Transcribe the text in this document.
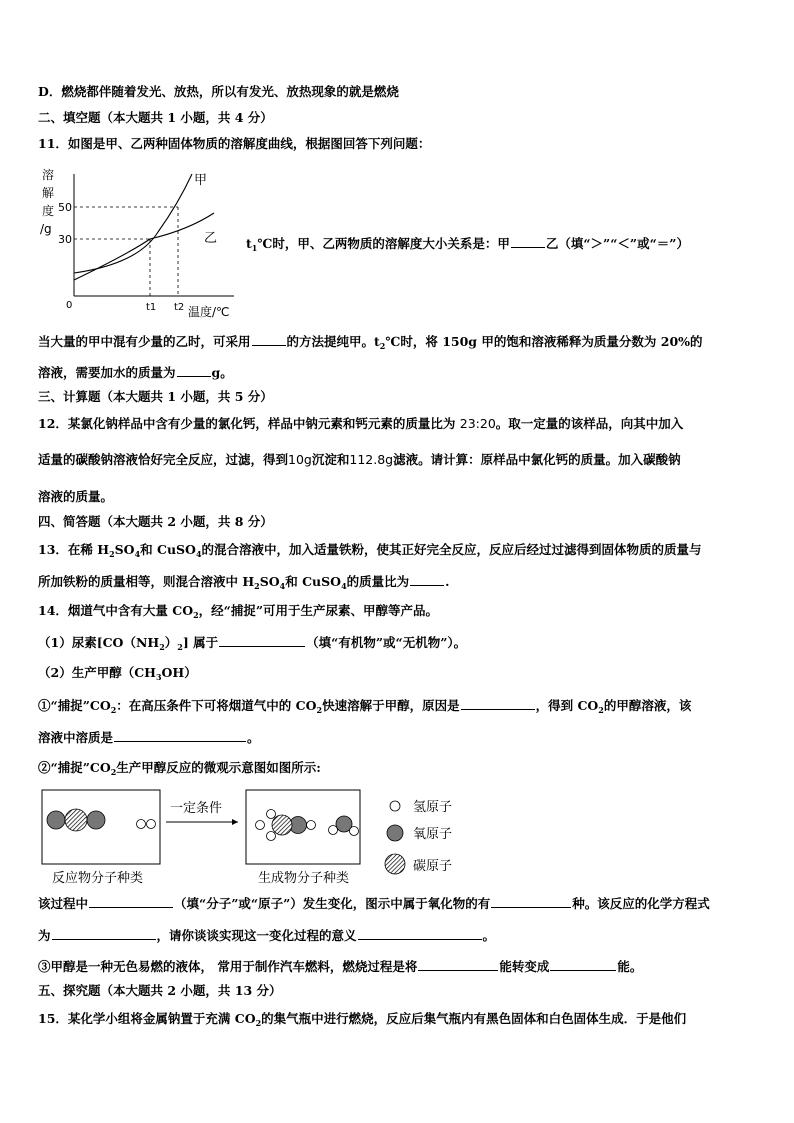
D．燃烧都伴随着发光、放热，所以有发光、放热现象的就是燃烧
二、填空题（本大题共 1 小题，共 4 分）
11．如图是甲、乙两种固体物质的溶解度曲线，根据图回答下列问题：
溶
解
度
/g
50
30
0	t1 t2 温度/℃
甲
乙 $t_1℃$时，甲、乙两物质的溶解度大小关系是：甲	乙（填“＞”“＜”或“＝”）
当大量的甲中混有少量的乙时，可采用	的方法提纯甲。$t_2℃$时，将 150g 甲的饱和溶液稀释为质量分数为 20%的
溶液，需要加水的质量为	g。
三、计算题（本大题共 1 小题，共 5 分）
12．某氯化钠样品中含有少量的氯化钙，样品中钠元素和钙元素的质量比为 23:20。取一定量的该样品，向其中加入
适量的碳酸钠溶液恰好完全反应，过滤，得到10g沉淀和112.8g滤液。请计算：原样品中氯化钙的质量。加入碳酸钠
溶液的质量。
四、简答题（本大题共 2 小题，共 8 分）
13．在稀 $H_2SO_4$和 CuSO$_4$的混合溶液中，加入适量铁粉，使其正好完全反应，反应后经过过滤得到固体物质的质量与
所加铁粉的质量相等，则混合溶液中 $H_2SO_4$和 CuSO$_4$的质量比为	.
14．烟道气中含有大量 $CO_2$，经“捕捉”可用于生产尿素、甲醇等产品。
（1）尿素$[CO(NH_2)_2]$ 属于	（填“有机物”或“无机物”）。
（2）生产甲醇$(CH_3OH)$
①“捕捉$”CO_2$：在高压条件下可将烟道气中的 $CO_2$快速溶解于甲醇，原因是	，得到 $CO_2$的甲醇溶液，该
溶液中溶质是	。
②“捕捉$”CO_2$生产甲醇反应的微观示意图如图所示:
一定条件
反应物分子种类	生成物分子种类
氢原子
氧原子
碳原子
该过程中	（填“分子”或“原子”）发生变化，图示中属于氧化物的有	种。该反应的化学方程式
为	，请你谈谈实现这一变化过程的意义	。
③甲醇是一种无色易燃的液体， 常用于制作汽车燃料，燃烧过程是将	能转变成	能。
五、探究题（本大题共 2 小题，共 13 分）
15．某化学小组将金属钠置于充满 $CO_2$的集气瓶中进行燃烧，反应后集气瓶内有黑色固体和白色固体生成．于是他们
